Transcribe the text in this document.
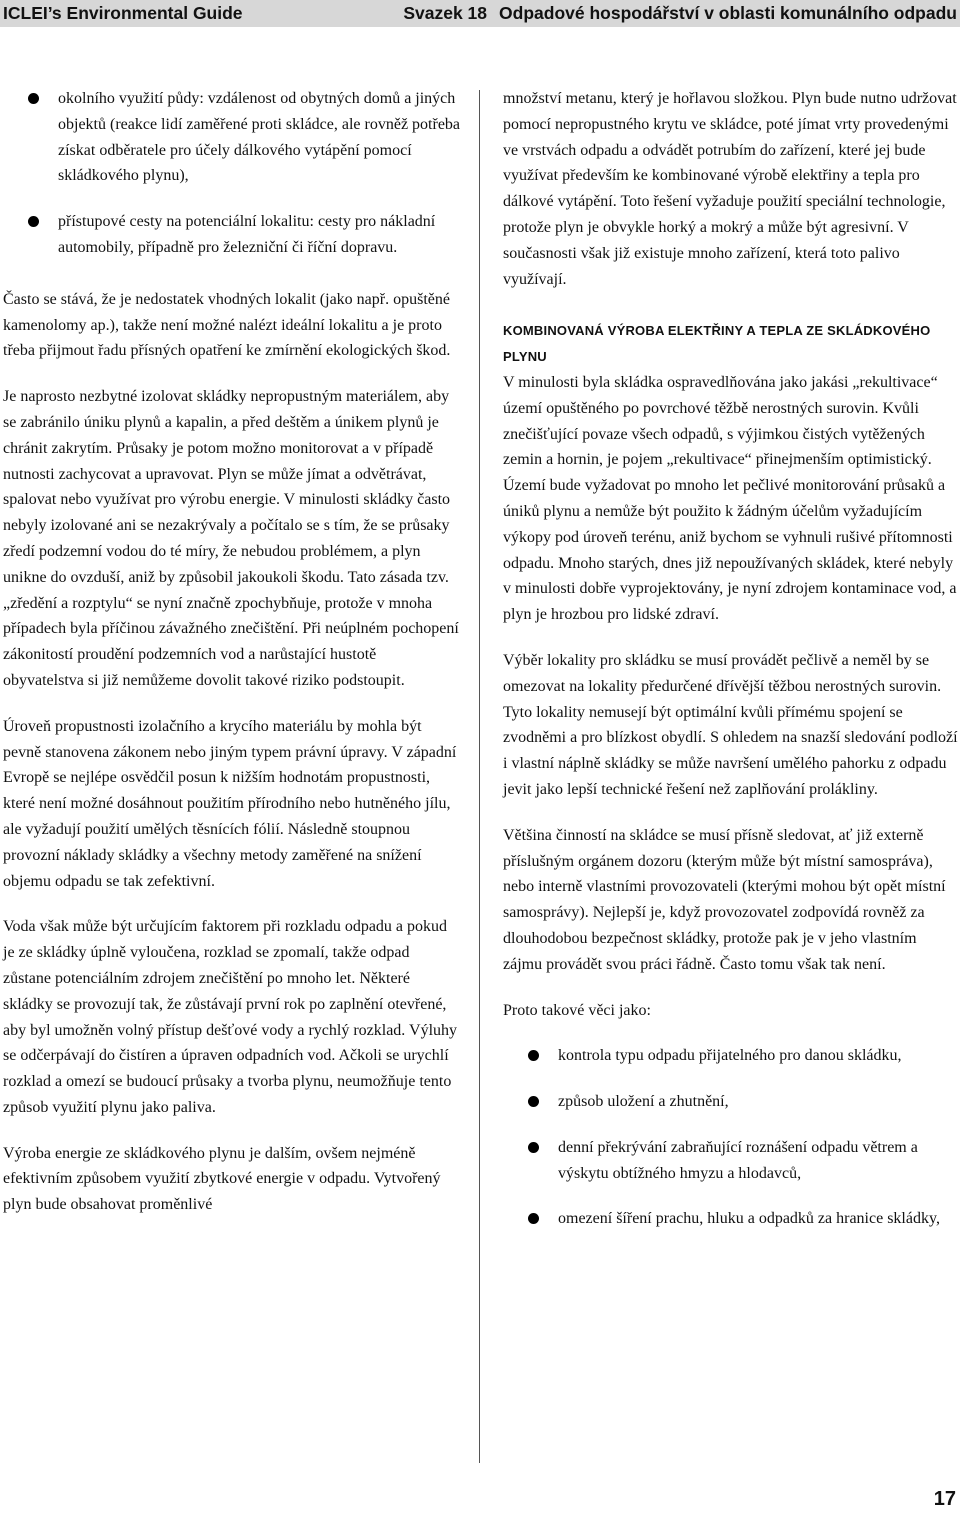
ICLEI’s Environmental Guide	Svazek 18 Odpadové hospodářství v oblasti komunálního odpadu
okolního využití půdy: vzdálenost od obytných domů a jiných objektů (reakce lidí zaměřené proti skládce, ale rovněž potřeba získat odběratele pro účely dálkového vytápění pomocí skládkového plynu),
přístupové cesty na potenciální lokalitu: cesty pro nákladní automobily, případně pro železniční či říční dopravu.

Často se stává, že je nedostatek vhodných lokalit (jako např. opuštěné kamenolomy ap.), takže není možné nalézt ideální lokalitu a je proto třeba přijmout řadu přísných opatření ke zmírnění ekologických škod.

Je naprosto nezbytné izolovat skládky nepropustným materiálem, aby se zabránilo úniku plynů a kapalin, a před deštěm a únikem plynů je chránit zakrytím. Průsaky je potom možno monitorovat a v případě nutnosti zachycovat a upravovat. Plyn se může jímat a odvětrávat, spalovat nebo využívat pro výrobu energie. V minulosti skládky často nebyly izolované ani se nezakrývaly a počítalo se s tím, že se průsaky zředí podzemní vodou do té míry, že nebudou problémem, a plyn unikne do ovzduší, aniž by způsobil jakoukoli škodu. Tato zásada tzv. „zředění a rozptylu“ se nyní značně zpochybňuje, protože v mnoha případech byla příčinou závažného znečištění. Při neúplném pochopení zákonitostí proudění podzemních vod a narůstající hustotě obyvatelstva si již nemůžeme dovolit takové riziko podstoupit.

Úroveň propustnosti izolačního a krycího materiálu by mohla být pevně stanovena zákonem nebo jiným typem právní úpravy. V západní Evropě se nejlépe osvědčil posun k nižším hodnotám propustnosti, které není možné dosáhnout použitím přírodního nebo hutněného jílu, ale vyžadují použití umělých těsnících fólií. Následně stoupnou provozní náklady skládky a všechny metody zaměřené na snížení objemu odpadu se tak zefektivní.

Voda však může být určujícím faktorem při rozkladu odpadu a pokud je ze skládky úplně vyloučena, rozklad se zpomalí, takže odpad zůstane potenciálním zdrojem znečištění po mnoho let. Některé skládky se provozují tak, že zůstávají první rok po zaplnění otevřené, aby byl umožněn volný přístup dešťové vody a rychlý rozklad. Výluhy se odčerpávají do čistíren a úpraven odpadních vod. Ačkoli se urychlí rozklad a omezí se budoucí průsaky a tvorba plynu, neumožňuje tento způsob využití plynu jako paliva.

Výroba energie ze skládkového plynu je dalším, ovšem nejméně efektivním způsobem využití zbytkové energie v odpadu. Vytvořený plyn bude obsahovat proměnlivé

množství metanu, který je hořlavou složkou. Plyn bude nutno udržovat pomocí nepropustného krytu ve skládce, poté jímat vrty provedenými ve vrstvách odpadu a odvádět potrubím do zařízení, které jej bude využívat především ke kombinované výrobě elektřiny a tepla pro dálkové vytápění. Toto řešení vyžaduje použití speciální technologie, protože plyn je obvykle horký a mokrý a může být agresivní. V současnosti však již existuje mnoho zařízení, která toto palivo využívají.

KOMBINOVANÁ VÝROBA ELEKTŘINY A TEPLA ZE SKLÁDKOVÉHO PLYNU

V minulosti byla skládka ospravedlňována jako jakási „rekultivace“ území opuštěného po povrchové těžbě nerostných surovin. Kvůli znečišťující povaze všech odpadů, s výjimkou čistých vytěžených zemin a hornin, je pojem „rekultivace“ přinejmenším optimistický. Území bude vyžadovat po mnoho let pečlivé monitorování průsaků a úniků plynu a nemůže být použito k žádným účelům vyžadujícím výkopy pod úroveň terénu, aniž bychom se vyhnuli rušivé přítomnosti odpadu. Mnoho starých, dnes již nepoužívaných skládek, které nebyly v minulosti dobře vyprojektovány, je nyní zdrojem kontaminace vod, a plyn je hrozbou pro lidské zdraví.

Výběr lokality pro skládku se musí provádět pečlivě a neměl by se omezovat na lokality předurčené dřívější těžbou nerostných surovin.

Tyto lokality nemusejí být optimální kvůli přímému spojení se zvodněmi a pro blízkost obydlí. S ohledem na snazší sledování podloží i vlastní náplně skládky se může navršení umělého pahorku z odpadu jevit jako lepší technické řešení než zaplňování prolákliny.

Většina činností na skládce se musí přísně sledovat, ať již externě příslušným orgánem dozoru (kterým může být místní samospráva), nebo interně vlastními provozovateli (kterými mohou být opět místní samosprávy). Nejlepší je, když provozovatel zodpovídá rovněž za dlouhodobou bezpečnost skládky, protože pak je v jeho vlastním zájmu provádět svou práci řádně. Často tomu však tak není.

Proto takové věci jako:

kontrola typu odpadu přijatelného pro danou skládku,
způsob uložení a zhutnění,
denní překrývání zabraňující roznášení odpadu větrem a výskytu obtížného hmyzu a hlodavců,
omezení šíření prachu, hluku a odpadků za hranice skládky,
17
